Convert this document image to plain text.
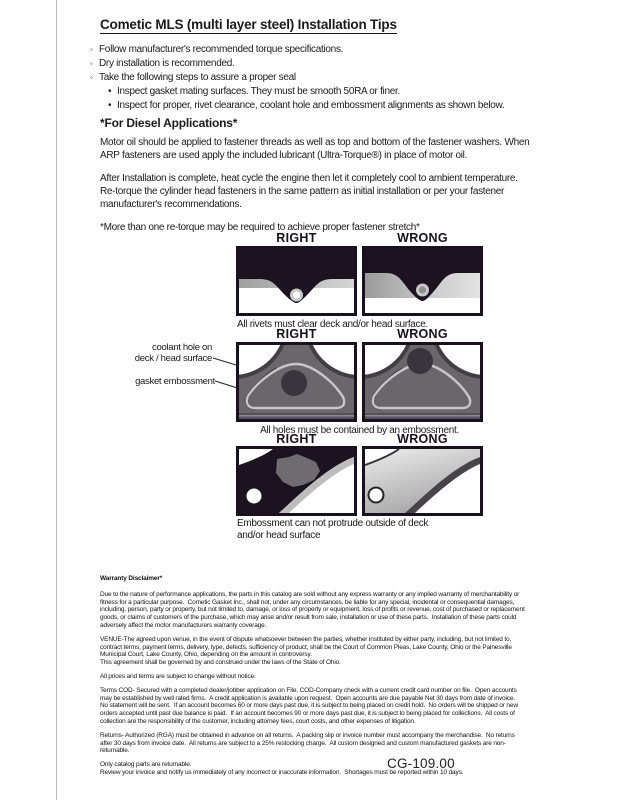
Cometic MLS (multi layer steel) Installation Tips
◦ Follow manufacturer's recommended torque specifications.
◦ Dry installation is recommended.
◦ Take the following steps to assure a proper seal
• Inspect gasket mating surfaces. They must be smooth 50RA or finer.
• Inspect for proper, rivet clearance, coolant hole and embossment alignments as shown below.
*For Diesel Applications*

Motor oil should be applied to fastener threads as well as top and bottom of the fastener washers. When ARP fasteners are used apply the included lubricant (Ultra-Torque®) in place of motor oil.

After Installation is complete, heat cycle the engine then let it completely cool to ambient temperature. Re-torque the cylinder head fasteners in the same pattern as initial installation or per your fastener manufacturer's recommendations.

*More than one re-torque may be required to achieve proper fastener stretch*

RIGHT	WRONG
All rivets must clear deck and/or head surface.
RIGHT	WRONG
coolant hole on
deck / head surface
gasket embossment
All holes must be contained by an embossment.
RIGHT	WRONG
Embossment can not protrude outside of deck
and/or head surface
Warranty Disclaimer*
Due to the nature of performance applications, the parts in this catalog are sold without any express warranty or any implied warranty of merchantability or fitness for a particular purpose.  Cometic Gasket Inc., shall not, under any circumstances, be liable for any special, incidental or consequential damages, including, person, party or property, but not limited to, damage, or loss of property or equipment, loss of profits or revenue, cost of purchased or replacement goods, or claims of customers of the purchase, which may arise and/or result from sale, installation or use of these parts.  Installation of these parts could adversely affect the motor manufacturers warranty coverage.
VENUE-The agreed upon venue, in the event of dispute whatsoever between the parties, whether instituted by either party, including, but not limited to, contract terms, payment terms, delivery, type, defects, sufficiency of product, shall be the Court of Common Pleas, Lake County, Ohio or the Painesville Municipal Court, Lake County, Ohio, depending on the amount in controversy.
This agreement shall be governed by and construed under the laws of the State of Ohio.
All prices and terms are subject to change without notice.
Terms COD- Secured with a completed dealer/jobber application on File, COD-Company check with a current credit card number on file.  Open accounts may be established by well rated firms.  A credit application is available upon request.  Open accounts are due payable Net 30 days from date of invoice.  No statement will be sent.  If an account becomes 60 or more days past due, it is subject to being placed on credit hold.  No orders will be shipped or new orders accepted until past due balance is paid.  If an account becomes 90 or more days past due, it is subject to being placed for collections.  All costs of collection are the responsibility of the customer, including attorney fees, court costs, and other expenses of litigation.
Returns- Authorized (RGA) must be obtained in advance on all returns.  A packing slip or invoice number must accompany the merchandise.  No returns after 30 days from invoice date.  All returns are subject to a 25% restocking charge.  All custom designed and custom manufactured gaskets are non-returnable.
Only catalog parts are returnable.
Review your invoice and notify us immediately of any incorrect or inaccurate information.  Shortages must be reported within 10 days.
CG-109.00
